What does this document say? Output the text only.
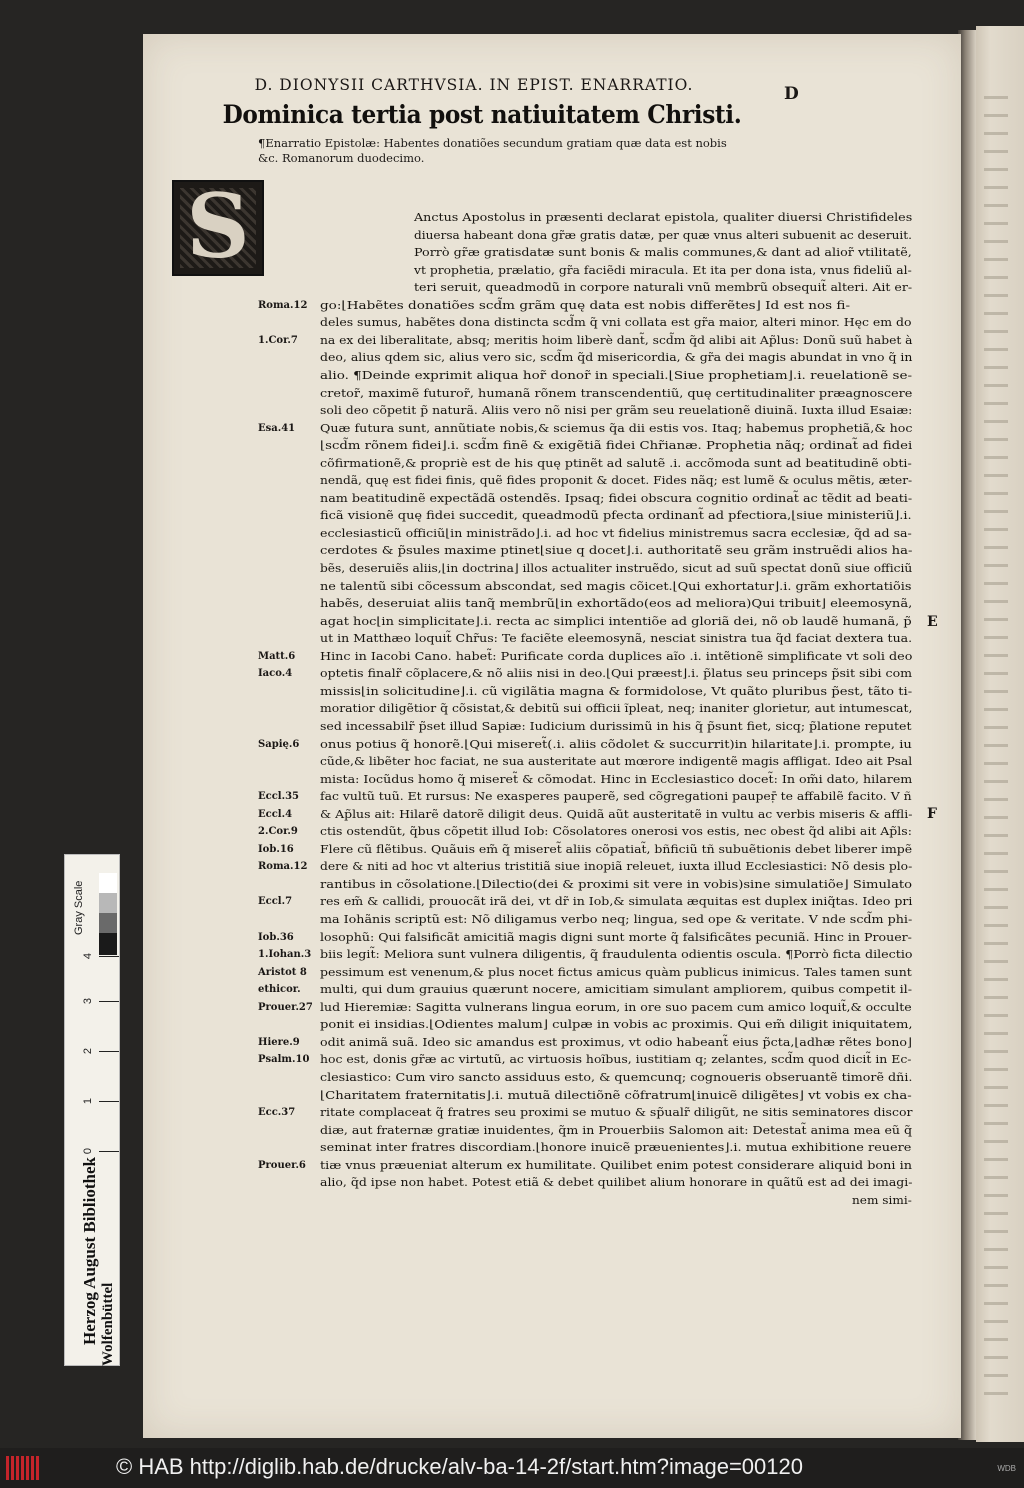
D. DIONYSII CARTHVSIA. IN EPIST. ENARRATIO.	D
Dominica tertia post natiuitatem Christi.
¶Enarratio Epistolæ: Habentes donatiões secundum gratiam quæ data est nobis &c. Romanorum duodecimo.
S	Anctus Apostolus in præsenti declarat epistola, qualiter diuersi Christifideles
diuersa habeant dona gr̃æ gratis datæ, per quæ vnus alteri subuenit ac deseruit.
Porrò gr̃æ gratisdatæ sunt bonis & malis communes,& dant ad alior̃ vtilitatẽ,
vt prophetia, prælatio, gr̃a faciẽdi miracula. Et ita per dona ista, vnus fideliũ al-
teri seruit, queadmodũ in corpore naturali vnũ membrũ obsequit̃ alteri. Ait er-
go:⌊Habẽtes donatiões scd̃m grãm quę data est nobis differẽtes⌋ Id est nos fi-
deles sumus, habẽtes dona distincta scd̃m q̃ vni collata est gr̃a maior, alteri minor. Hęc em do
na ex dei liberalitate, absq; meritis hoim liberè dant̃, scd̃m q̃d alibi ait Ap̃lus: Donũ suũ habet à
deo, alius qdem sic, alius vero sic, scd̃m q̃d misericordia, & gr̃a dei magis abundat in vno q̃ in
alio. ¶Deinde exprimit aliqua hor̃ donor̃ in speciali.⌊Siue prophetiam⌋.i. reuelationẽ se-
cretor̃, maximẽ futuror̃, humanã rõnem transcendentiũ, quę certitudinaliter præagnoscere
soli deo cõpetit p̃ naturã. Aliis vero nõ nisi per grãm seu reuelationẽ diuinã. Iuxta illud Esaiæ:
Quæ futura sunt, annũtiate nobis,& sciemus q̃a dii estis vos. Itaq; habemus prophetiã,& hoc
⌊scd̃m rõnem fidei⌋.i. scd̃m finẽ & exigẽtiã fidei Chr̃ianæ. Prophetia nãq; ordinat̃ ad fidei
cõfirmationẽ,& propriè est de his quę ptinẽt ad salutẽ .i. accõmoda sunt ad beatitudinẽ obti-
nendã, quę est fidei finis, quẽ fides proponit & docet. Fides nãq; est lumẽ & oculus mẽtis, æter-
nam beatitudinẽ expectãdã ostendẽs. Ipsaq; fidei obscura cognitio ordinat̃ ac tẽdit ad beati-
ficã visionẽ quę fidei succedit, queadmodũ pfecta ordinant̃ ad pfectiora,⌊siue ministeriũ⌋.i.
ecclesiasticũ officiũ⌊in ministrãdo⌋.i. ad hoc vt fidelius ministremus sacra ecclesiæ, q̃d ad sa-
cerdotes & p̃sules maxime ptinet⌊siue q docet⌋.i. authoritatẽ seu grãm instruẽdi alios ha-
bẽs, deseruiẽs aliis,⌊in doctrina⌋ illos actualiter instruẽdo, sicut ad suũ spectat donũ siue officiũ
ne talentũ sibi cõcessum abscondat, sed magis cõicet.⌊Qui exhortatur⌋.i. grãm exhortatiõis
habẽs, deseruiat aliis tanq̃ membrũ⌊in exhortãdo(eos ad meliora)Qui tribuit⌋ eleemosynã,
agat hoc⌊in simplicitate⌋.i. recta ac simplici intentiõe ad gloriã dei, nõ ob laudẽ humanã, p̃
ut in Matthæo loquit̃ Chr̃us: Te faciẽte eleemosynã, nesciat sinistra tua q̃d faciat dextera tua.
Hinc in Iacobi Cano. habet̃: Purificate corda duplices aĩo .i. intẽtionẽ simplificate vt soli deo
optetis finalr̃ cõplacere,& nõ aliis nisi in deo.⌊Qui præest⌋.i. p̃latus seu princeps p̃sit sibi com
missis⌊in solicitudine⌋.i. cũ vigilãtia magna & formidolose, Vt quãto pluribus p̃est, tãto ti-
moratior diligẽtior q̃ cõsistat,& debitũ sui officii ĩpleat, neq; inaniter glorietur, aut intumescat,
sed incessabilr̃ p̃set illud Sapiæ: Iudicium durissimũ in his q̃ p̃sunt fiet, sicq; p̃latione reputet
onus potius q̃ honorẽ.⌊Qui miseret̃(.i. aliis cõdolet & succurrit)in hilaritate⌋.i. prompte, iu
cũde,& libẽter hoc faciat, ne sua austeritate aut mœrore indigentẽ magis affligat. Ideo ait Psal
mista: Iocũdus homo q̃ miseret̃ & cõmodat. Hinc in Ecclesiastico docet̃: In om̃i dato, hilarem
fac vultũ tuũ. Et rursus: Ne exasperes pauperẽ, sed cõgregationi paupeṝ te affabilẽ facito. V ñ
& Ap̃lus ait: Hilarẽ datorẽ diligit deus. Quidã aũt austeritatẽ in vultu ac verbis miseris & affli-
ctis ostendũt, q̃bus cõpetit illud Iob: Cõsolatores onerosi vos estis, nec obest q̃d alibi ait Ap̃ls:
Flere cũ flẽtibus. Quãuis em̃ q̃ miseret̃ aliis cõpatiat̃, bñficiũ tñ subuẽtionis debet liberer impẽ
dere & niti ad hoc vt alterius tristitiã siue inopiã releuet, iuxta illud Ecclesiastici: Nõ desis plo-
rantibus in cõsolatione.⌊Dilectio(dei & proximi sit vere in vobis)sine simulatiõe⌋ Simulato
res em̃ & callidi, prouocãt irã dei, vt dr̃ in Iob,& simulata æquitas est duplex iniq̃tas. Ideo pri
ma Iohãnis scriptũ est: Nõ diligamus verbo neq; lingua, sed ope & veritate. V nde scd̃m phi-
losophũ: Qui falsificãt amicitiã magis digni sunt morte q̃ falsificãtes pecuniã. Hinc in Prouer-
biis legit̃: Meliora sunt vulnera diligentis, q̃ fraudulenta odientis oscula. ¶Porrò ficta dilectio
pessimum est venenum,& plus nocet fictus amicus quàm publicus inimicus. Tales tamen sunt
multi, qui dum grauius quærunt nocere, amicitiam simulant ampliorem, quibus competit il-
lud Hieremiæ: Sagitta vulnerans lingua eorum, in ore suo pacem cum amico loquit̃,& occulte
ponit ei insidias.⌊Odientes malum⌋ culpæ in vobis ac proximis. Qui em̃ diligit iniquitatem,
odit animã suã. Ideo sic amandus est proximus, vt odio habeant̃ eius p̃cta,⌊adhæ rẽtes bono⌋
hoc est, donis gr̃æ ac virtutũ, ac virtuosis hoĩbus, iustitiam q; zelantes, scd̃m quod dicit̃ in Ec-
clesiastico: Cum viro sancto assiduus esto, & quemcunq; cognoueris obseruantẽ timorẽ dñi.
⌊Charitatem fraternitatis⌋.i. mutuã dilectiõnẽ cõfratrum⌊inuicẽ diligẽtes⌋ vt vobis ex cha-
ritate complaceat q̃ fratres seu proximi se mutuo & sp̃ualr̃ diligũt, ne sitis seminatores discor
diæ, aut fraternæ gratiæ inuidentes, q̃m in Prouerbiis Salomon ait: Detestat̃ anima mea eũ q̃
seminat inter fratres discordiam.⌊honore inuicẽ præuenientes⌋.i. mutua exhibitione reuere
tiæ vnus præueniat alterum ex humilitate. Quilibet enim potest considerare aliquid boni in
alio, q̃d ipse non habet. Potest etiã & debet quilibet alium honorare in quãtũ est ad dei imagi-
nem simi-
Roma.12
1.Cor.7
Esa.41
Matt.6
Iaco.4
Sapię.6
Eccl.35
Eccl.4
2.Cor.9
Iob.16
Roma.12
Eccl.7
Iob.36
1.Iohan.3
Aristot 8
ethicor.
Prouer.27
Hiere.9
Psalm.10
Ecc.37
Prouer.6
E
F
Herzog August Bibliothek Wolfenbüttel
Gray Scale
0
1
2
3
4
© HAB http://diglib.hab.de/drucke/alv-ba-14-2f/start.htm?image=00120	WDB
